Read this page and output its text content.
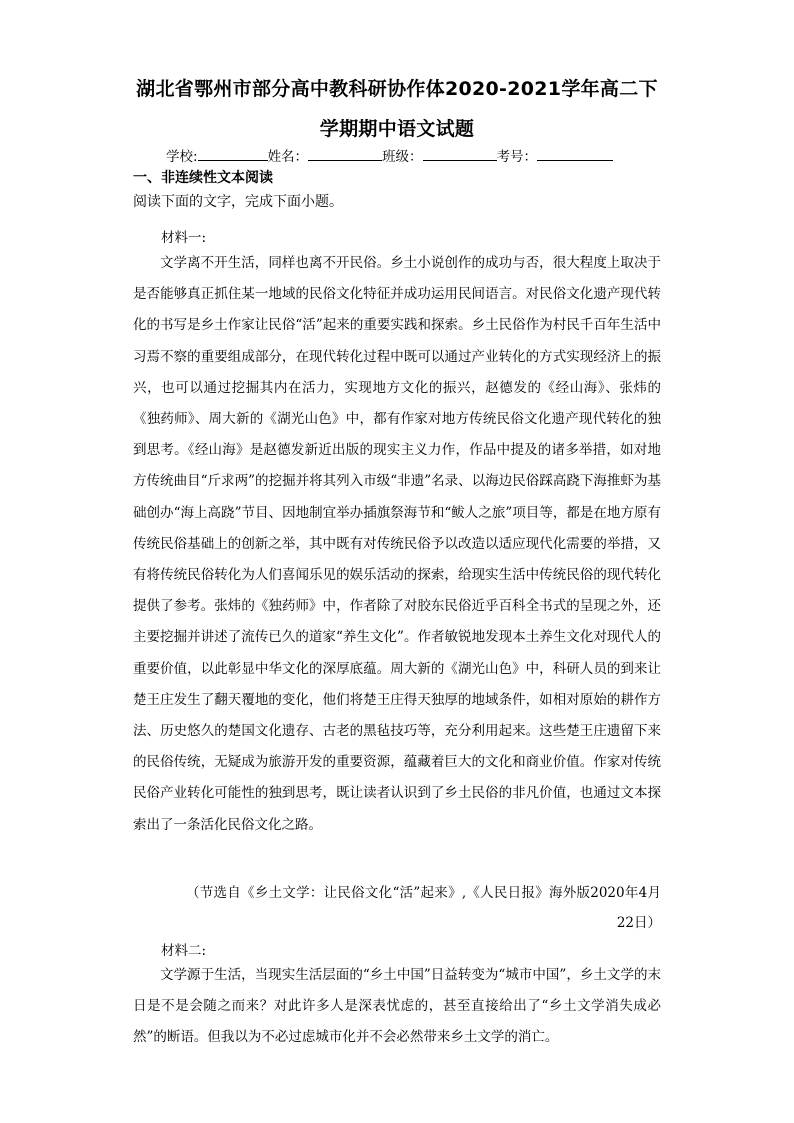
湖北省鄂州市部分高中教科研协作体2020-2021学年高二下
学期期中语文试题
学校:	姓名：	班级：	考号：
一、非连续性文本阅读
阅读下面的文字，完成下面小题。
材料一:

文学离不开生活，同样也离不开民俗。乡土小说创作的成功与否，很大程度上取决于是否能够真正抓住某一地域的民俗文化特征并成功运用民间语言。对民俗文化遗产现代转化的书写是乡土作家让民俗“活”起来的重要实践和探索。乡土民俗作为村民千百年生活中习焉不察的重要组成部分，在现代转化过程中既可以通过产业转化的方式实现经济上的振兴，也可以通过挖掘其内在活力，实现地方文化的振兴，赵德发的《经山海》、张炜的《独药师》、周大新的《湖光山色》中，都有作家对地方传统民俗文化遗产现代转化的独到思考。《经山海》是赵德发新近出版的现实主义力作，作品中提及的诸多举措，如对地方传统曲目“斤求两”的挖掘并将其列入市级“非遗”名录、以海边民俗踩高跷下海推虾为基础创办“海上高跷”节目、因地制宜举办插旗祭海节和“鲅人之旅”项目等，都是在地方原有传统民俗基础上的创新之举，其中既有对传统民俗予以改造以适应现代化需要的举措，又有将传统民俗转化为人们喜闻乐见的娱乐活动的探索，给现实生活中传统民俗的现代转化提供了参考。张炜的《独药师》中，作者除了对胶东民俗近乎百科全书式的呈现之外，还主要挖掘并讲述了流传已久的道家“养生文化”。作者敏锐地发现本土养生文化对现代人的重要价值，以此彰显中华文化的深厚底蕴。周大新的《湖光山色》中，科研人员的到来让楚王庄发生了翻天覆地的变化，他们将楚王庄得天独厚的地域条件，如相对原始的耕作方法、历史悠久的楚国文化遗存、古老的黑毡技巧等，充分利用起来。这些楚王庄遗留下来的民俗传统，无疑成为旅游开发的重要资源，蕴藏着巨大的文化和商业价值。作家对传统民俗产业转化可能性的独到思考，既让读者认识到了乡土民俗的非凡价值，也通过文本探索出了一条活化民俗文化之路。

（节选自《乡土文学：让民俗文化“活”起来》,《人民日报》海外版2020年4月22日）

材料二:

文学源于生活，当现实生活层面的“乡土中国”日益转变为“城市中国”，乡土文学的末日是不是会随之而来？对此许多人是深表忧虑的，甚至直接给出了“乡土文学消失成必然”的断语。但我以为不必过虑城市化并不会必然带来乡土文学的消亡。
